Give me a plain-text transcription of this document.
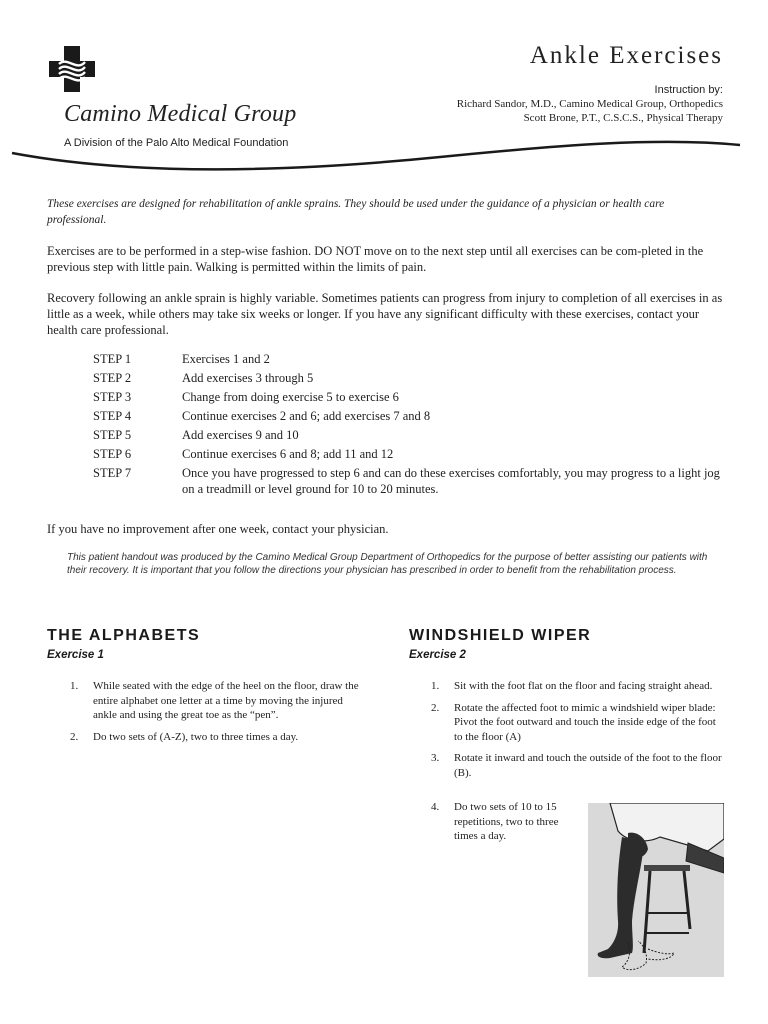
Camino Medical Group
A Division of the Palo Alto Medical Foundation
Ankle Exercises
Instruction by:
Richard Sandor, M.D., Camino Medical Group, Orthopedics
Scott Brone, P.T., C.S.C.S., Physical Therapy
These exercises are designed for rehabilitation of ankle sprains. They should be used under the guidance of a physician or health care professional.
Exercises are to be performed in a step-wise fashion. DO NOT move on to the next step until all exercises can be com-pleted in the previous step with little pain. Walking is permitted within the limits of pain.
Recovery following an ankle sprain is highly variable. Sometimes patients can progress from injury to completion of all exercises in as little as a week, while others may take six weeks or longer. If you have any significant difficulty with these exercises, contact your health care professional.
STEP 1	Exercises 1 and 2
STEP 2	Add exercises 3 through 5
STEP 3	Change from doing exercise 5 to exercise 6
STEP 4	Continue exercises 2 and 6; add exercises 7 and 8
STEP 5	Add exercises 9 and 10
STEP 6	Continue exercises 6 and 8; add 11 and 12
STEP 7	Once you have progressed to step 6 and can do these exercises comfortably, you may progress to a light jog on a treadmill or level ground for 10 to 20 minutes.
If you have no improvement after one week, contact your physician.
This patient handout was produced by the Camino Medical Group Department of Orthopedics for the purpose of better assisting our patients with their recovery. It is important that you follow the directions your physician has prescribed in order to benefit from the rehabilitation process.
THE ALPHABETS
Exercise 1
1.	While seated with the edge of the heel on the floor, draw the entire alphabet one letter at a time by moving the injured ankle and using the great toe as the “pen”.
2.	Do two sets of (A-Z), two to three times a day.
WINDSHIELD WIPER
Exercise 2
1.	Sit with the foot flat on the floor and facing straight ahead.
2.	Rotate the affected foot to mimic a windshield wiper blade: Pivot the foot outward and touch the inside edge of the foot to the floor (A)
3.	Rotate it inward and touch the outside of the foot to the floor (B).
4.	Do two sets of 10 to 15 repetitions, two to three times a day.
